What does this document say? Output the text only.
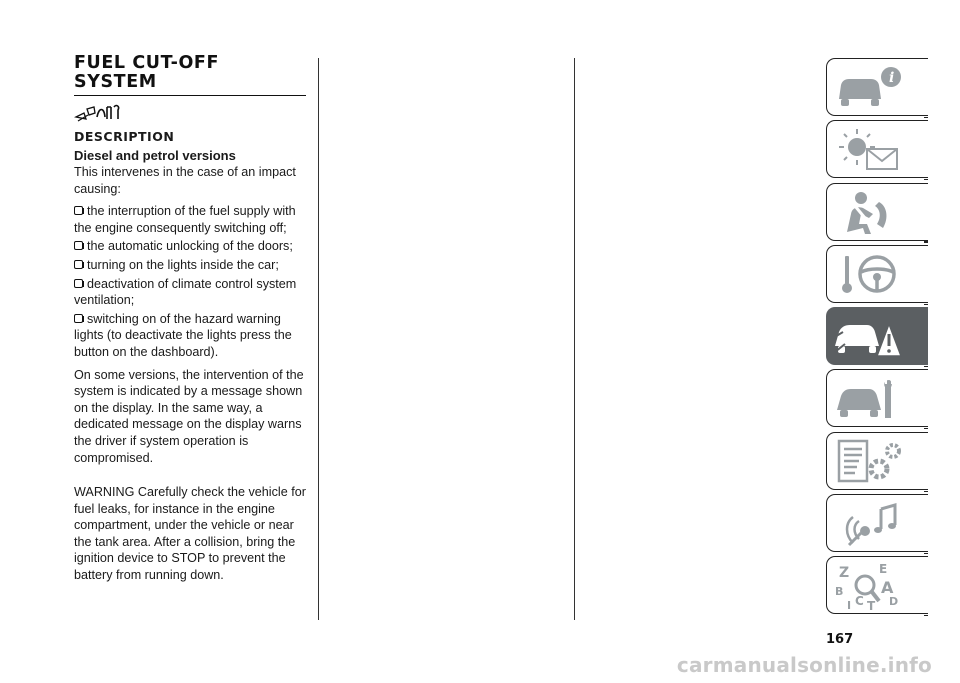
FUEL CUT-OFF
SYSTEM
DESCRIPTION
Diesel and petrol versions
This intervenes in the case of an impact causing:
the interruption of the fuel supply with the engine consequently switching off;
the automatic unlocking of the doors;
turning on the lights inside the car;
deactivation of climate control system ventilation;
switching on of the hazard warning lights (to deactivate the lights press the button on the dashboard).
On some versions, the intervention of the system is indicated by a message shown on the display. In the same way, a dedicated message on the display warns the driver if system operation is compromised.
WARNING Carefully check the vehicle for fuel leaks, for instance in the engine compartment, under the vehicle or near the tank area. After a collision, bring the ignition device to STOP to prevent the battery from running down.
i
Z E
B A
C D
T
I
167
carmanualsonline.info
